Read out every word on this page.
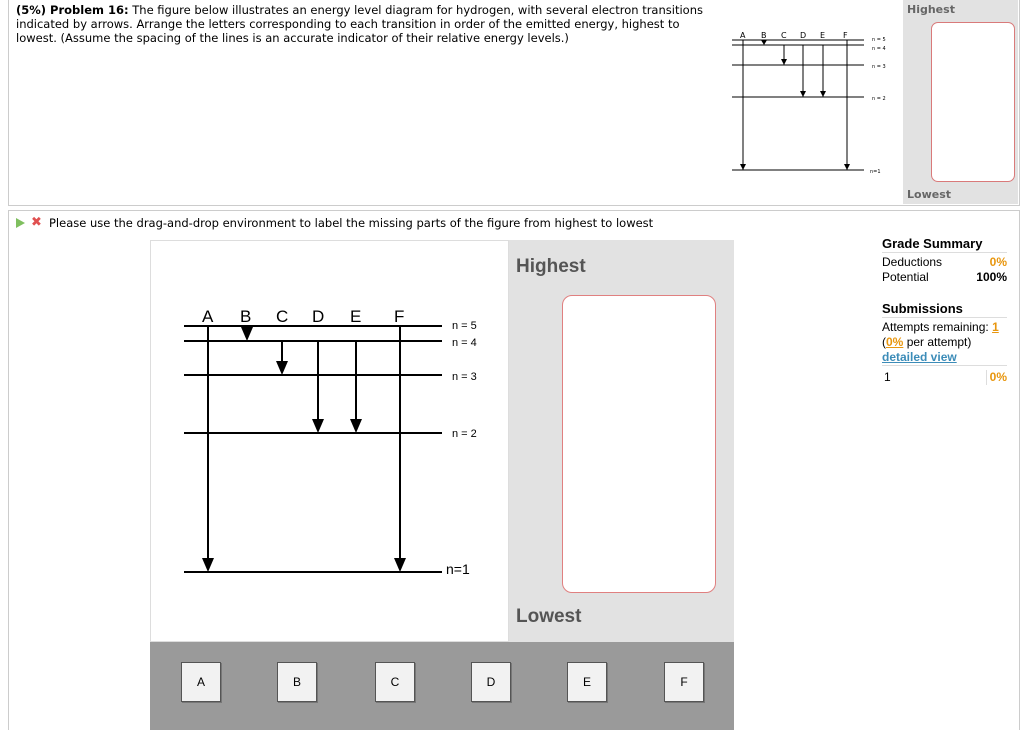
(5%) Problem 16: The figure below illustrates an energy level diagram for hydrogen, with several electron transitions indicated by arrows. Arrange the letters corresponding to each transition in order of the emitted energy, highest to lowest. (Assume the spacing of the lines is an accurate indicator of their relative energy levels.)	A B C D E F	n = 5
n = 4
n = 3
n = 2
n=1
Highest
Lowest
✖ Please use the drag-and-drop environment to label the missing parts of the figure from highest to lowest
A B C D E F	n = 5
n = 4
n = 3
n = 2
n=1
Highest
Lowest
A	B	C	D	E	F
Grade Summary
Deductions	0%
Potential	100%
Submissions
Attempts remaining: 1
(0% per attempt)
detailed view
1	0%
